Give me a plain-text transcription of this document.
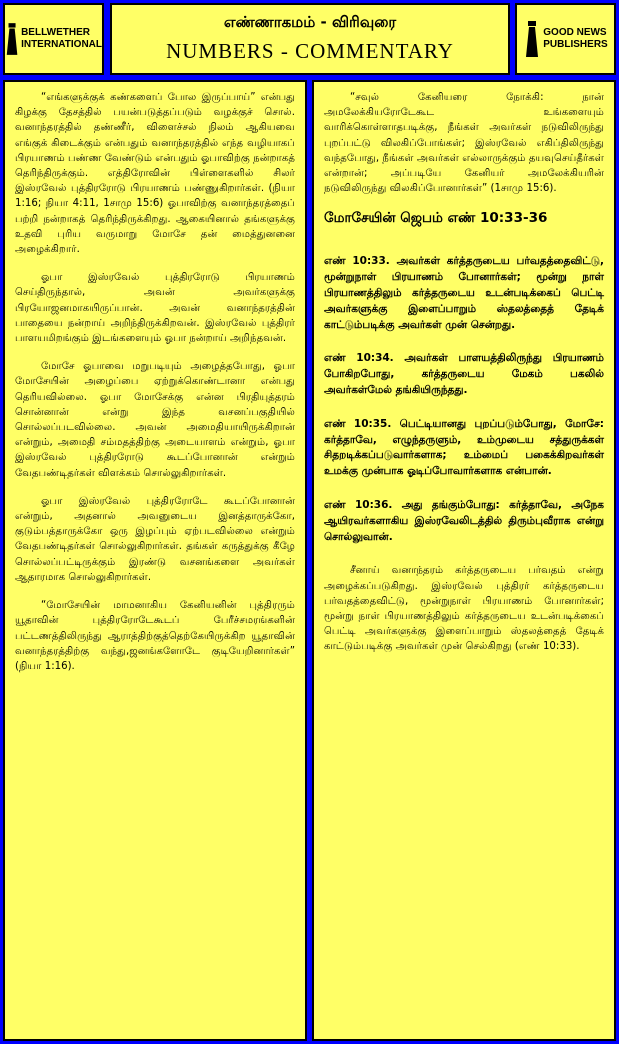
BELLWETHER
INTERNATIONAL
எண்ணாகமம் - விரிவுரை
NUMBERS - COMMENTARY
GOOD NEWS
PUBLISHERS

“எங்களுக்குக் கண்களைப் போல இருப்பாய்” என்பது கிழக்கு தேசத்தில் பயன்படுத்தப்படும் வழக்குச் சொல். வனாந்தரத்தில் தண்ணீர், விளைச்சல் நிலம் ஆகியவை எங்குக் கிடைக்கும் என்பதும் வனாந்தரத்தில் எந்த வழியாகப் பிரயாணம் பண்ண வேண்டும் என்பதும் ஓபாவிற்கு நன்றாகத் தெரிந்திருக்கும். எத்திரோவின் பிள்ளைகளில் சிலர் இஸ்ரவேல் புத்திரரோடு பிரயாணம் பண்ணுகிறார்கள். (நியா 1:16; நியா 4:11, 1சாமு 15:6) ஓபாவிற்கு வனாந்தரத்தைப் பற்றி நன்றாகத் தெரிந்திருக்கிறது. ஆகையினால் தங்களுக்கு உதவி புரிய வருமாறு மோசே தன் மைத்துனனை அழைக்கிறார்.

ஓபா இஸ்ரவேல் புத்திரரோடு பிரயாணம் செய்திருந்தால், அவன் அவர்களுக்கு பிரயோஜனமாகயிருப்பான். அவன் வனாந்தரத்தின் பாதையை நன்றாய் அறிந்திருக்கிறவன். இஸ்ரவேல் புத்திரர் பாளயமிறங்கும் இடங்களையும் ஓபா நன்றாய் அறிந்தவன்.

மோசே ஓபாவை மறுபடியும் அழைத்தபோது, ஓபா மோசேயின் அழைப்பை ஏற்றுக்கொண்டானா என்பது தெரியவில்லை. ஓபா மோசேக்கு என்ன பிரதியுத்தரம் சொன்னான் என்று இந்த வசனப்பகுதியில் சொல்லப்படவில்லை. அவன் அமைதியாயிருக்கிறான் என்றும், அமைதி சம்மதத்திற்கு அடையாளம் என்றும், ஓபா இஸ்ரவேல் புத்திரரோடு கூடப்போனான் என்றும் வேதபண்டிதர்கள் விளக்கம் சொல்லுகிறார்கள்.

ஓபா இஸ்ரவேல் புத்திரரோடே கூடப்போனான் என்றும், அதனால் அவனுடைய இனத்தாருக்கோ, குடும்பத்தாருக்கோ ஒரு இழப்பும் ஏற்படவில்லை என்றும் வேதபண்டிதர்கள் சொல்லுகிறார்கள். தங்கள் கருத்துக்கு கீழே சொல்லப்பட்டிருக்கும் இரண்டு வசனங்களை அவர்கள் ஆதாரமாக சொல்லுகிறார்கள்.

“மோசேயின் மாமனாகிய கேனியனின் புத்திரரும் யூதாவின் புத்திரரோடேகூடப் பேரீச்சமரங்களின் பட்டணத்திலிருந்து ஆராத்திற்குத்தெற்கேயிருக்கிற யூதாவின் வனாந்தரத்திற்கு வந்து,ஜனங்களோடே குடியேறினார்கள்” (நியா 1:16).

“சவுல் கேனியரை நோக்கி: நான் அமலேக்கியரோடேகூட உங்களையும் வாரிக்கொள்ளாதபடிக்கு, நீங்கள் அவர்கள் நடுவிலிருந்து புறப்பட்டு விலகிப்போங்கள்; இஸ்ரவேல் எகிப்திலிருந்து வந்தபோது, நீங்கள் அவர்கள் எல்லாருக்கும் தயவுசெய்தீர்கள் என்றான்; அப்படியே கேனியர் அமலேக்கியரின் நடுவிலிருந்து விலகிப்போனார்கள்” (1சாமு 15:6).

மோசேயின் ஜெபம் எண் 10:33-36

எண் 10:33. அவர்கள் கர்த்தருடைய பர்வதத்தைவிட்டு, மூன்றுநாள் பிரயாணம் போனார்கள்; மூன்று நாள் பிரயாணத்திலும் கர்த்தருடைய உடன்படிக்கைப் பெட்டி அவர்களுக்கு இளைப்பாறும் ஸ்தலத்தைத் தேடிக் காட்டும்படிக்கு அவர்கள் முன் சென்றது.

எண் 10:34. அவர்கள் பாளயத்திலிருந்து பிரயாணம் போகிறபோது, கர்த்தருடைய மேகம் பகலில் அவர்கள்மேல் தங்கியிருந்தது.

எண் 10:35. பெட்டியானது புறப்படும்போது, மோசே: கர்த்தாவே, எழுந்தருளும், உம்முடைய சத்துருக்கள் சிதறடிக்கப்படுவார்களாக; உம்மைப் பகைக்கிறவர்கள் உமக்கு முன்பாக ஓடிப்போவார்களாக என்பான்.

எண் 10:36. அது தங்கும்போது: கர்த்தாவே, அநேக ஆயிரவர்களாகிய இஸ்ரவேலிடத்தில் திரும்புவீராக என்று சொல்லுவான்.

சீனாய் வனாந்தரம் கர்த்தருடைய பர்வதம் என்று அழைக்கப்படுகிறது. இஸ்ரவேல் புத்திரர் கர்த்தருடைய பர்வதத்தைவிட்டு, மூன்றுநாள் பிரயாணம் போனார்கள்; மூன்று நாள் பிரயாணத்திலும் கர்த்தருடைய உடன்படிக்கைப் பெட்டி அவர்களுக்கு இளைப்பாறும் ஸ்தலத்தைத் தேடிக் காட்டும்படிக்கு அவர்கள் முன் செல்கிறது (எண் 10:33).
